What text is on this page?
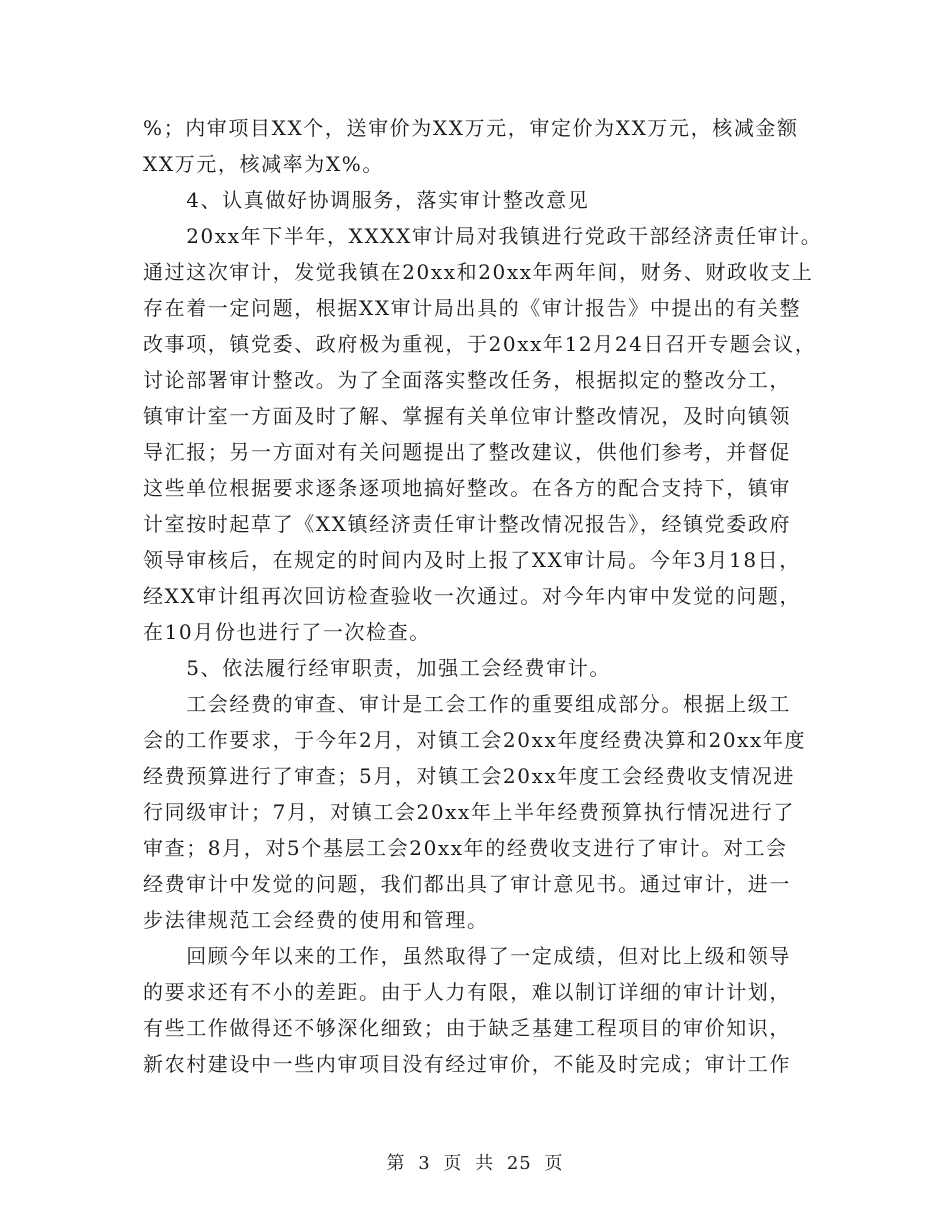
%；内审项目XX个，送审价为XX万元，审定价为XX万元，核减金额
XX万元，核减率为X%。
　　4、认真做好协调服务，落实审计整改意见
　　20xx年下半年，XXXX审计局对我镇进行党政干部经济责任审计。
通过这次审计，发觉我镇在20xx和20xx年两年间，财务、财政收支上
存在着一定问题，根据XX审计局出具的《审计报告》中提出的有关整
改事项，镇党委、政府极为重视，于20xx年12月24日召开专题会议，
讨论部署审计整改。为了全面落实整改任务，根据拟定的整改分工，
镇审计室一方面及时了解、掌握有关单位审计整改情况，及时向镇领
导汇报；另一方面对有关问题提出了整改建议，供他们参考，并督促
这些单位根据要求逐条逐项地搞好整改。在各方的配合支持下，镇审
计室按时起草了《XX镇经济责任审计整改情况报告》，经镇党委政府
领导审核后，在规定的时间内及时上报了XX审计局。今年3月18日，
经XX审计组再次回访检查验收一次通过。对今年内审中发觉的问题，
在10月份也进行了一次检查。
　　5、依法履行经审职责，加强工会经费审计。
　　工会经费的审查、审计是工会工作的重要组成部分。根据上级工
会的工作要求，于今年2月，对镇工会20xx年度经费决算和20xx年度
经费预算进行了审查；5月，对镇工会20xx年度工会经费收支情况进
行同级审计；7月，对镇工会20xx年上半年经费预算执行情况进行了
审查；8月，对5个基层工会20xx年的经费收支进行了审计。对工会
经费审计中发觉的问题，我们都出具了审计意见书。通过审计，进一
步法律规范工会经费的使用和管理。
　　回顾今年以来的工作，虽然取得了一定成绩，但对比上级和领导
的要求还有不小的差距。由于人力有限，难以制订详细的审计计划，
有些工作做得还不够深化细致；由于缺乏基建工程项目的审价知识，
新农村建设中一些内审项目没有经过审价，不能及时完成；审计工作
第 3 页 共 25 页
